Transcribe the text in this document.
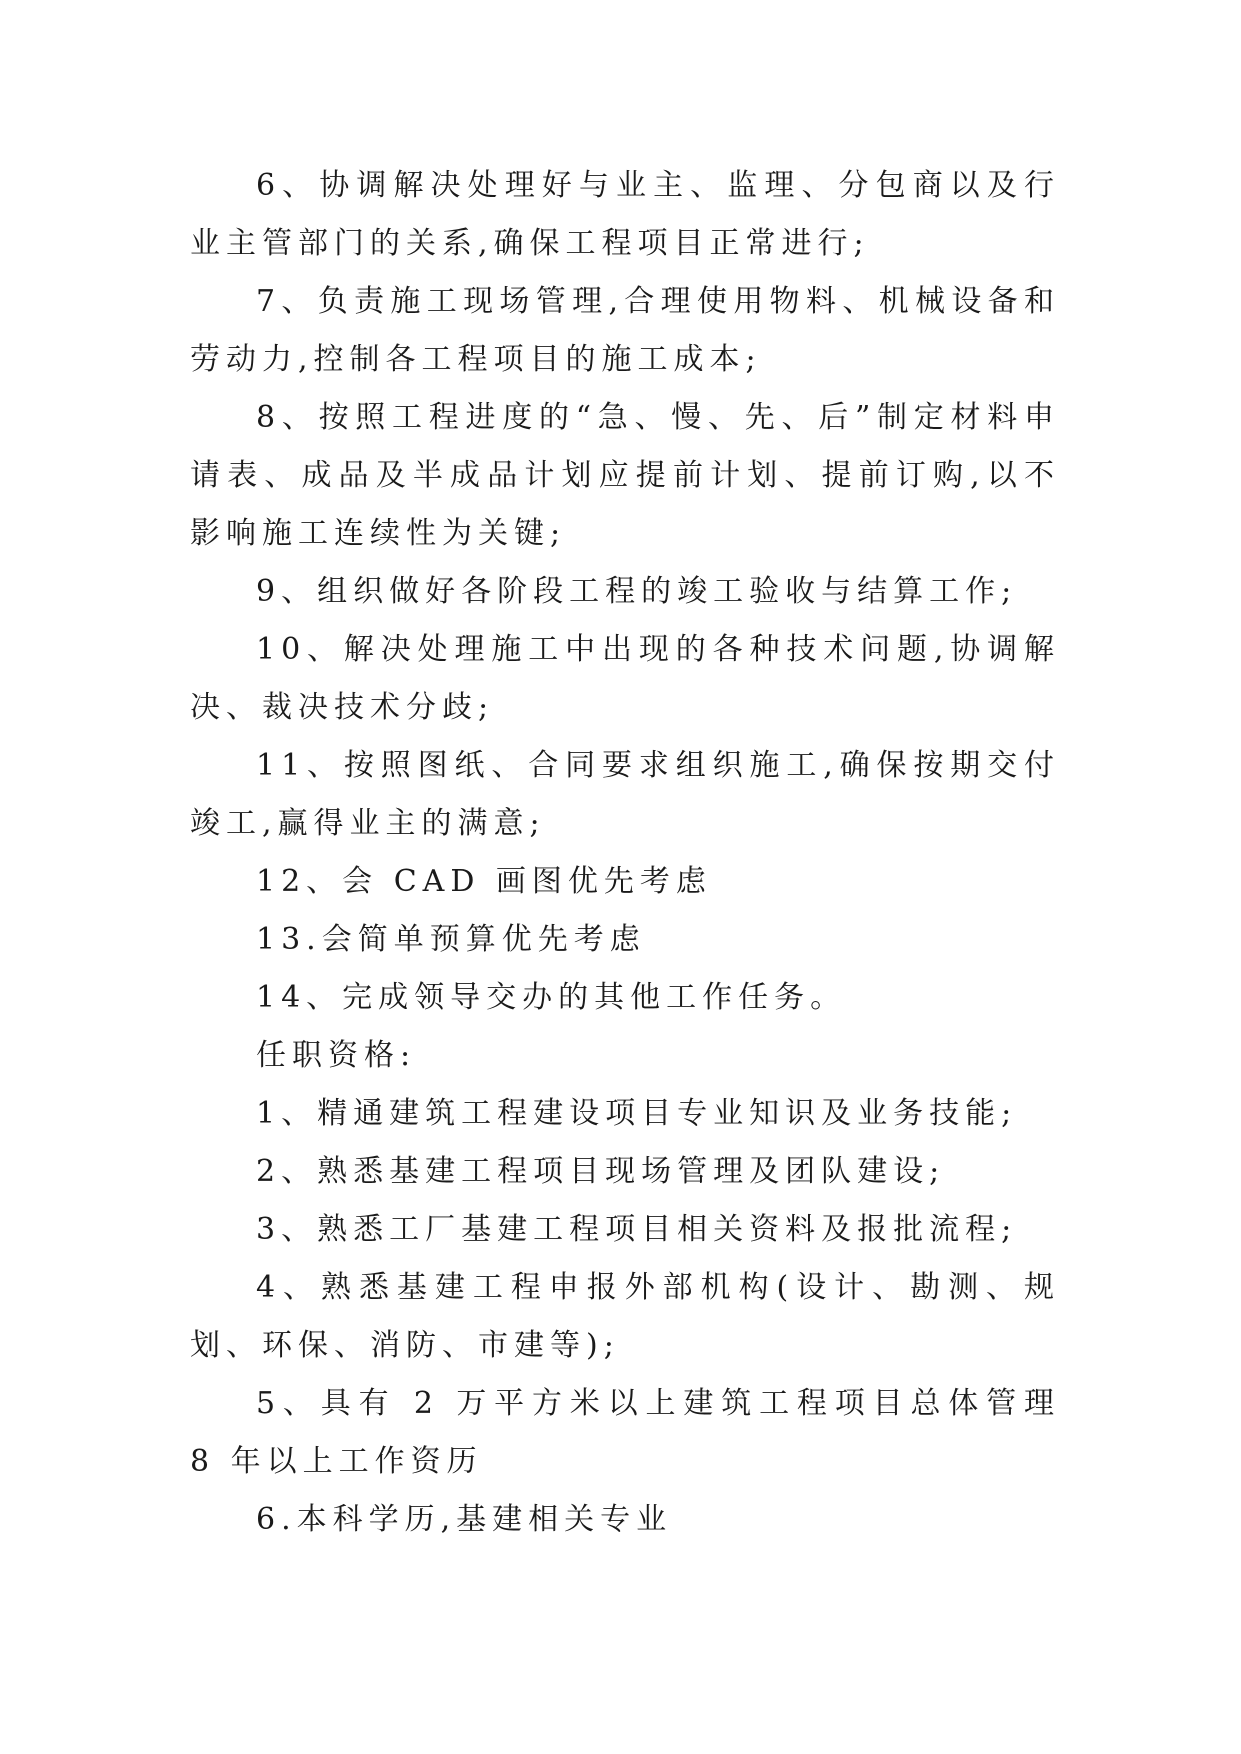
6、协调解决处理好与业主、监理、分包商以及行业主管部门的关系,确保工程项目正常进行;

7、负责施工现场管理,合理使用物料、机械设备和劳动力,控制各工程项目的施工成本;

8、按照工程进度的“急、慢、先、后”制定材料申请表、成品及半成品计划应提前计划、提前订购,以不影响施工连续性为关键;

9、组织做好各阶段工程的竣工验收与结算工作;

10、解决处理施工中出现的各种技术问题,协调解决、裁决技术分歧;

11、按照图纸、合同要求组织施工,确保按期交付竣工,赢得业主的满意;

12、会 CAD 画图优先考虑

13.会简单预算优先考虑

14、完成领导交办的其他工作任务。

任职资格:

1、精通建筑工程建设项目专业知识及业务技能;

2、熟悉基建工程项目现场管理及团队建设;

3、熟悉工厂基建工程项目相关资料及报批流程;

4、熟悉基建工程申报外部机构(设计、勘测、规划、环保、消防、市建等);

5、具有 2 万平方米以上建筑工程项目总体管理 8 年以上工作资历

6.本科学历,基建相关专业
